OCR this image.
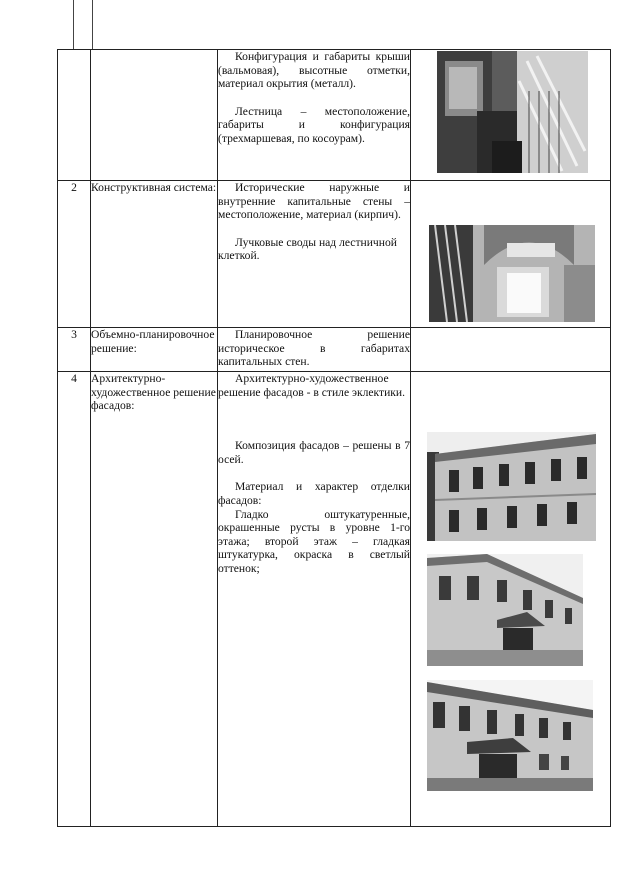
		Конфигурация и габариты крыши (вальмовая), высотные отметки, материал окрытия (металл).

Лестница – местоположение, габариты и конфигурация (трехмаршевая, по косоурам).

2	Конструктивная система:	Исторические наружные и внутренние капитальные стены – местоположение, материал (кирпич).

Лучковые своды над лестничной клеткой.

3	Объемно-планировочное решение:	Планировочное решение историческое в габаритах капитальных стен.	

4	Архитектурно-художественное решение фасадов:	Архитектурно-художественное решение фасадов - в стиле эклектики.

Композиция фасадов – решены в 7 осей.

Материал и характер отделки фасадов:

Гладко оштукатуренные, окрашенные русты в уровне 1-го этажа; второй этаж – гладкая штукатурка, окраска в светлый оттенок;
